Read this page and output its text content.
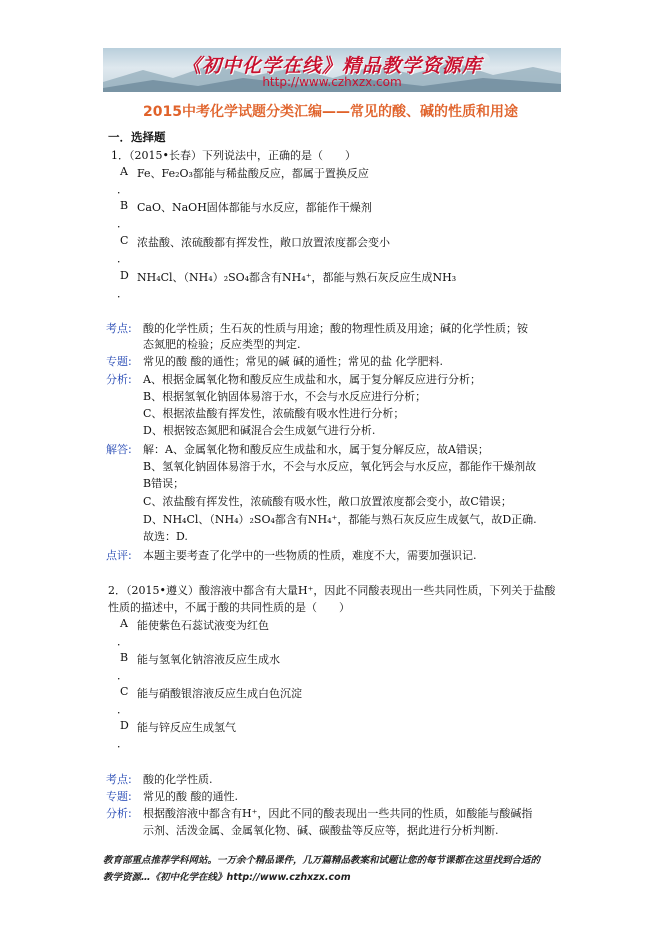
《初中化学在线》精品教学资源库
http://www.czhxzx.com
2015中考化学试题分类汇编——常见的酸、碱的性质和用途
一．选择题
1．（2015•长春）下列说法中，正确的是（　　）
A Fe、Fe₂O₃都能与稀盐酸反应，都属于置换反应
．
B CaO、NaOH固体都能与水反应，都能作干燥剂
．
C 浓盐酸、浓硫酸都有挥发性，敞口放置浓度都会变小
．
D NH₄Cl、（NH₄）₂SO₄都含有NH₄⁺，都能与熟石灰反应生成NH₃
．
考点: 酸的化学性质；生石灰的性质与用途；酸的物理性质及用途；碱的化学性质；铵
态氮肥的检验；反应类型的判定.
专题: 常见的酸 酸的通性；常见的碱 碱的通性；常见的盐 化学肥料.
分析: A、根据金属氧化物和酸反应生成盐和水，属于复分解反应进行分析；
B、根据氢氧化钠固体易溶于水，不会与水反应进行分析；
C、根据浓盐酸有挥发性，浓硫酸有吸水性进行分析；
D、根据铵态氮肥和碱混合会生成氨气进行分析.
解答: 解：A、金属氧化物和酸反应生成盐和水，属于复分解反应，故A错误；
B、氢氧化钠固体易溶于水，不会与水反应，氧化钙会与水反应，都能作干燥剂故
B错误；
C、浓盐酸有挥发性，浓硫酸有吸水性，敞口放置浓度都会变小，故C错误；
D、NH₄Cl、（NH₄）₂SO₄都含有NH₄⁺，都能与熟石灰反应生成氨气，故D正确.
故选：D.
点评: 本题主要考查了化学中的一些物质的性质，难度不大，需要加强识记.
2．（2015•遵义）酸溶液中都含有大量H⁺，因此不同酸表现出一些共同性质，下列关于盐酸
性质的描述中，不属于酸的共同性质的是（　　）
A 能使紫色石蕊试液变为红色
．
B 能与氢氧化钠溶液反应生成水
．
C 能与硝酸银溶液反应生成白色沉淀
．
D 能与锌反应生成氢气
．
考点: 酸的化学性质.
专题: 常见的酸 酸的通性.
分析: 根据酸溶液中都含有H⁺，因此不同的酸表现出一些共同的性质，如酸能与酸碱指
示剂、活泼金属、金属氧化物、碱、碳酸盐等反应等，据此进行分析判断.
教育部重点推荐学科网站。一万余个精品课件，几万篇精品教案和试题让您的每节课都在这里找到合适的
教学资源…《初中化学在线》http://www.czhxzx.com
